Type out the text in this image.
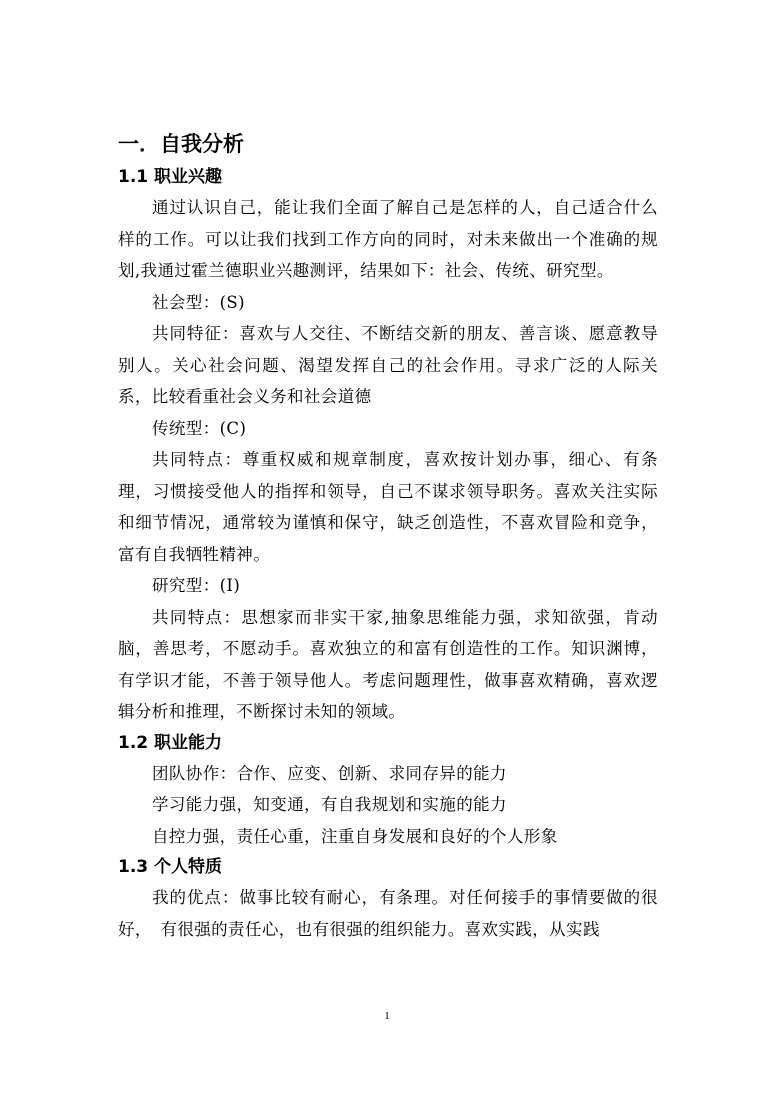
一．自我分析
1.1 职业兴趣

通过认识自己，能让我们全面了解自己是怎样的人，自己适合什么样的工作。可以让我们找到工作方向的同时，对未来做出一个准确的规划,我通过霍兰德职业兴趣测评，结果如下：社会、传统、研究型。

社会型：(S)

共同特征：喜欢与人交往、不断结交新的朋友、善言谈、愿意教导别人。关心社会问题、渴望发挥自己的社会作用。寻求广泛的人际关系，比较看重社会义务和社会道德

传统型：(C)

共同特点：尊重权威和规章制度，喜欢按计划办事，细心、有条理，习惯接受他人的指挥和领导，自己不谋求领导职务。喜欢关注实际和细节情况，通常较为谨慎和保守，缺乏创造性，不喜欢冒险和竞争，富有自我牺牲精神。

研究型：(I)

共同特点：思想家而非实干家,抽象思维能力强，求知欲强，肯动脑，善思考，不愿动手。喜欢独立的和富有创造性的工作。知识渊博，有学识才能，不善于领导他人。考虑问题理性，做事喜欢精确，喜欢逻辑分析和推理，不断探讨未知的领域。

1.2 职业能力

团队协作：合作、应变、创新、求同存异的能力

学习能力强，知变通，有自我规划和实施的能力

自控力强，责任心重，注重自身发展和良好的个人形象

1.3 个人特质

我的优点：做事比较有耐心，有条理。对任何接手的事情要做的很好，　有很强的责任心，也有很强的组织能力。喜欢实践，从实践

1
